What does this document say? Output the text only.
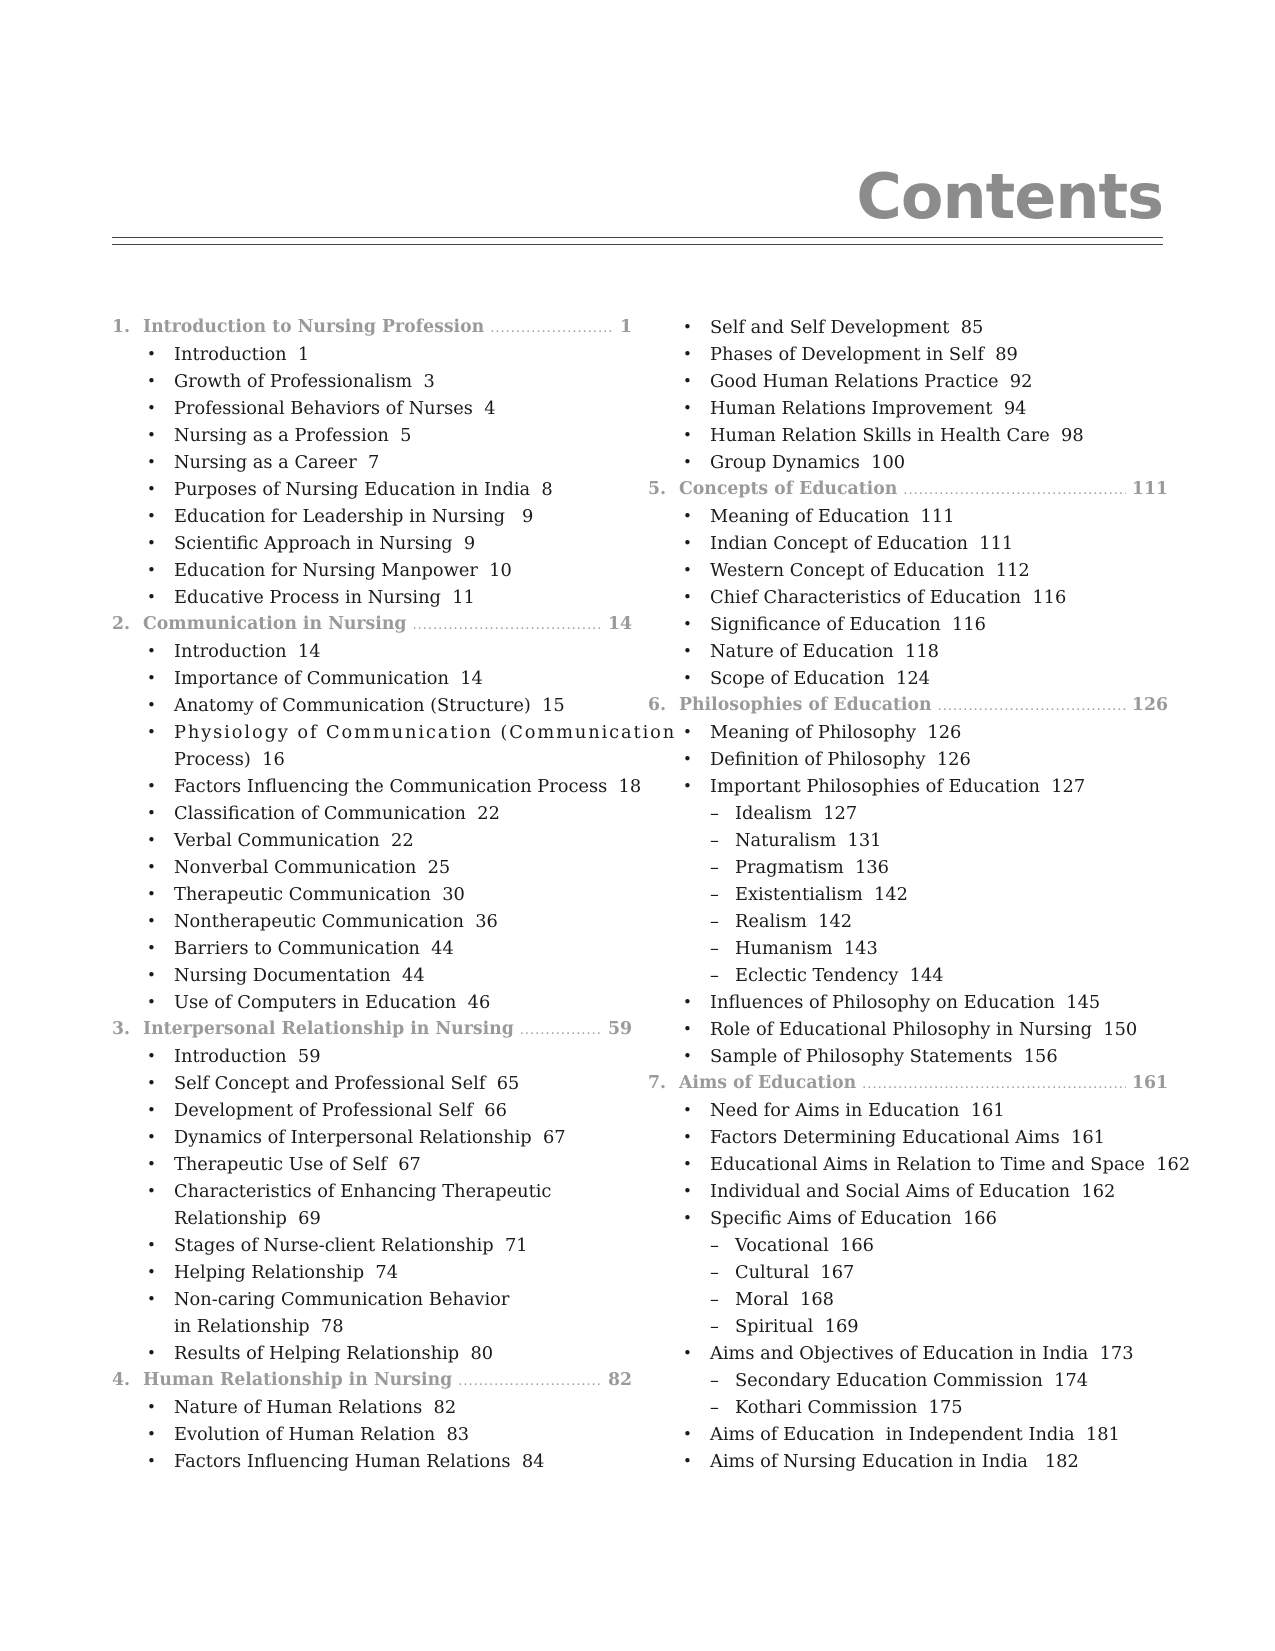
Contents
1. Introduction to Nursing Profession .....	1
• Introduction  1
• Growth of Professionalism  3
• Professional Behaviors of Nurses  4
• Nursing as a Profession  5
• Nursing as a Career  7
• Purposes of Nursing Education in India  8
• Education for Leadership in Nursing   9
• Scientific Approach in Nursing  9
• Education for Nursing Manpower  10
• Educative Process in Nursing  11
2. Communication in Nursing .....	14
• Introduction  14
• Importance of Communication  14
• Anatomy of Communication (Structure)  15
• Physiology of Communication (Communication
Process)  16
• Factors Influencing the Communication Process  18
• Classification of Communication  22
• Verbal Communication  22
• Nonverbal Communication  25
• Therapeutic Communication  30
• Nontherapeutic Communication  36
• Barriers to Communication  44
• Nursing Documentation  44
• Use of Computers in Education  46
3. Interpersonal Relationship in Nursing .....	59
• Introduction  59
• Self Concept and Professional Self  65
• Development of Professional Self  66
• Dynamics of Interpersonal Relationship  67
• Therapeutic Use of Self  67
• Characteristics of Enhancing Therapeutic
Relationship  69
• Stages of Nurse-client Relationship  71
• Helping Relationship  74
• Non-caring Communication Behavior
in Relationship  78
• Results of Helping Relationship  80
4. Human Relationship in Nursing .....	82
• Nature of Human Relations  82
• Evolution of Human Relation  83
• Factors Influencing Human Relations  84
• Self and Self Development  85
• Phases of Development in Self  89
• Good Human Relations Practice  92
• Human Relations Improvement  94
• Human Relation Skills in Health Care  98
• Group Dynamics  100
5. Concepts of Education .....	111
• Meaning of Education  111
• Indian Concept of Education  111
• Western Concept of Education  112
• Chief Characteristics of Education  116
• Significance of Education  116
• Nature of Education  118
• Scope of Education  124
6. Philosophies of Education .....	126
• Meaning of Philosophy  126
• Definition of Philosophy  126
• Important Philosophies of Education  127
– Idealism  127
– Naturalism  131
– Pragmatism  136
– Existentialism  142
– Realism  142
– Humanism  143
– Eclectic Tendency  144
• Influences of Philosophy on Education  145
• Role of Educational Philosophy in Nursing  150
• Sample of Philosophy Statements  156
7. Aims of Education .....	161
• Need for Aims in Education  161
• Factors Determining Educational Aims  161
• Educational Aims in Relation to Time and Space  162
• Individual and Social Aims of Education  162
• Specific Aims of Education  166
– Vocational  166
– Cultural  167
– Moral  168
– Spiritual  169
• Aims and Objectives of Education in India  173
– Secondary Education Commission  174
– Kothari Commission  175
• Aims of Education  in Independent India  181
• Aims of Nursing Education in India   182
